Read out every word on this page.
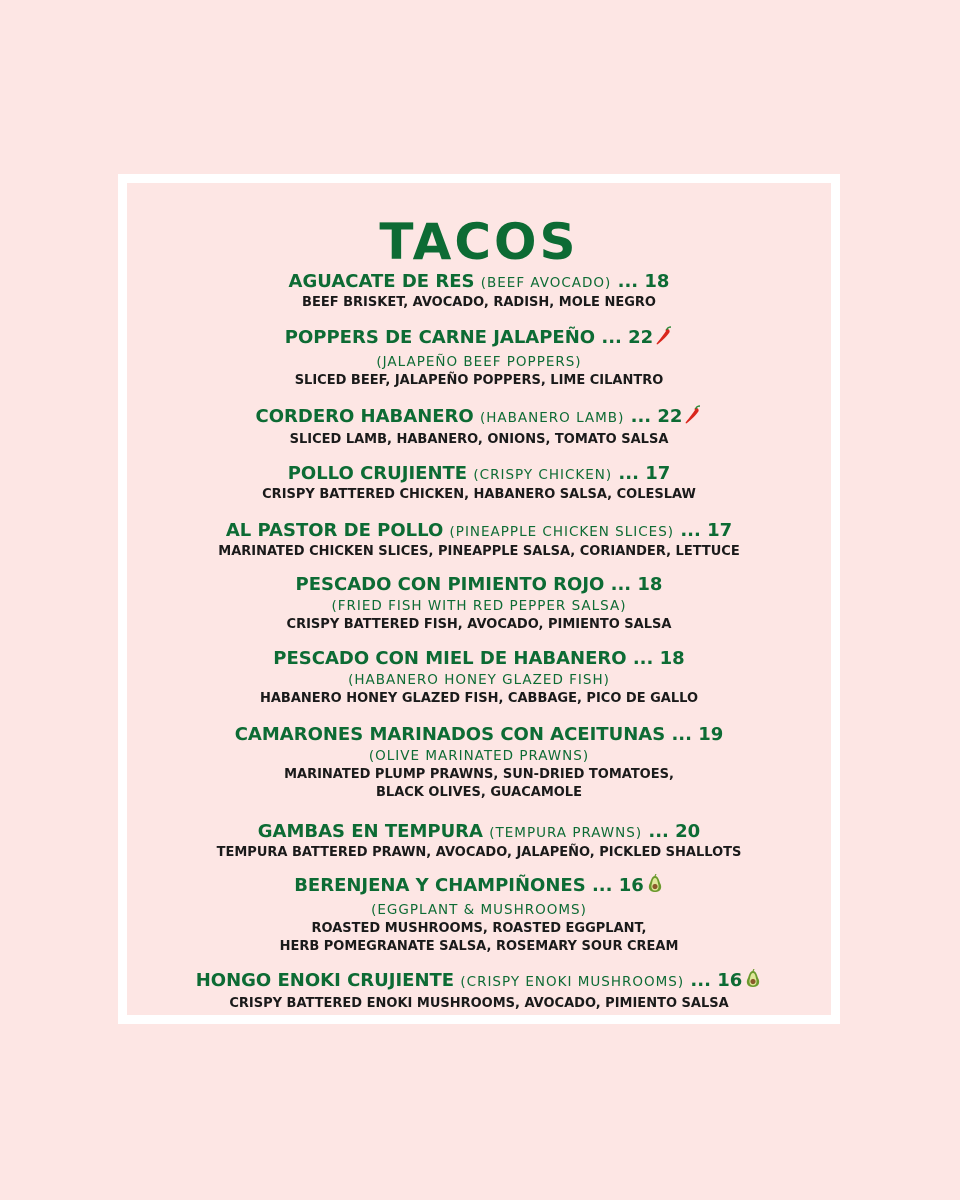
TACOS
AGUACATE DE RES (BEEF AVOCADO) ... 18
BEEF BRISKET, AVOCADO, RADISH, MOLE NEGRO
POPPERS DE CARNE JALAPEÑO ... 22
(JALAPEÑO BEEF POPPERS)
SLICED BEEF, JALAPEÑO POPPERS, LIME CILANTRO
CORDERO HABANERO (HABANERO LAMB) ... 22
SLICED LAMB, HABANERO, ONIONS, TOMATO SALSA
POLLO CRUJIENTE (CRISPY CHICKEN) ... 17
CRISPY BATTERED CHICKEN, HABANERO SALSA, COLESLAW
AL PASTOR DE POLLO (PINEAPPLE CHICKEN SLICES) ... 17
MARINATED CHICKEN SLICES, PINEAPPLE SALSA, CORIANDER, LETTUCE
PESCADO CON PIMIENTO ROJO ... 18
(FRIED FISH WITH RED PEPPER SALSA)
CRISPY BATTERED FISH, AVOCADO, PIMIENTO SALSA
PESCADO CON MIEL DE HABANERO ... 18
(HABANERO HONEY GLAZED FISH)
HABANERO HONEY GLAZED FISH, CABBAGE, PICO DE GALLO
CAMARONES MARINADOS CON ACEITUNAS ... 19
(OLIVE MARINATED PRAWNS)
MARINATED PLUMP PRAWNS, SUN-DRIED TOMATOES,
BLACK OLIVES, GUACAMOLE
GAMBAS EN TEMPURA (TEMPURA PRAWNS) ... 20
TEMPURA BATTERED PRAWN, AVOCADO, JALAPEÑO, PICKLED SHALLOTS
BERENJENA Y CHAMPIÑONES ... 16
(EGGPLANT & MUSHROOMS)
ROASTED MUSHROOMS, ROASTED EGGPLANT,
HERB POMEGRANATE SALSA, ROSEMARY SOUR CREAM
HONGO ENOKI CRUJIENTE (CRISPY ENOKI MUSHROOMS) ... 16
CRISPY BATTERED ENOKI MUSHROOMS, AVOCADO, PIMIENTO SALSA
